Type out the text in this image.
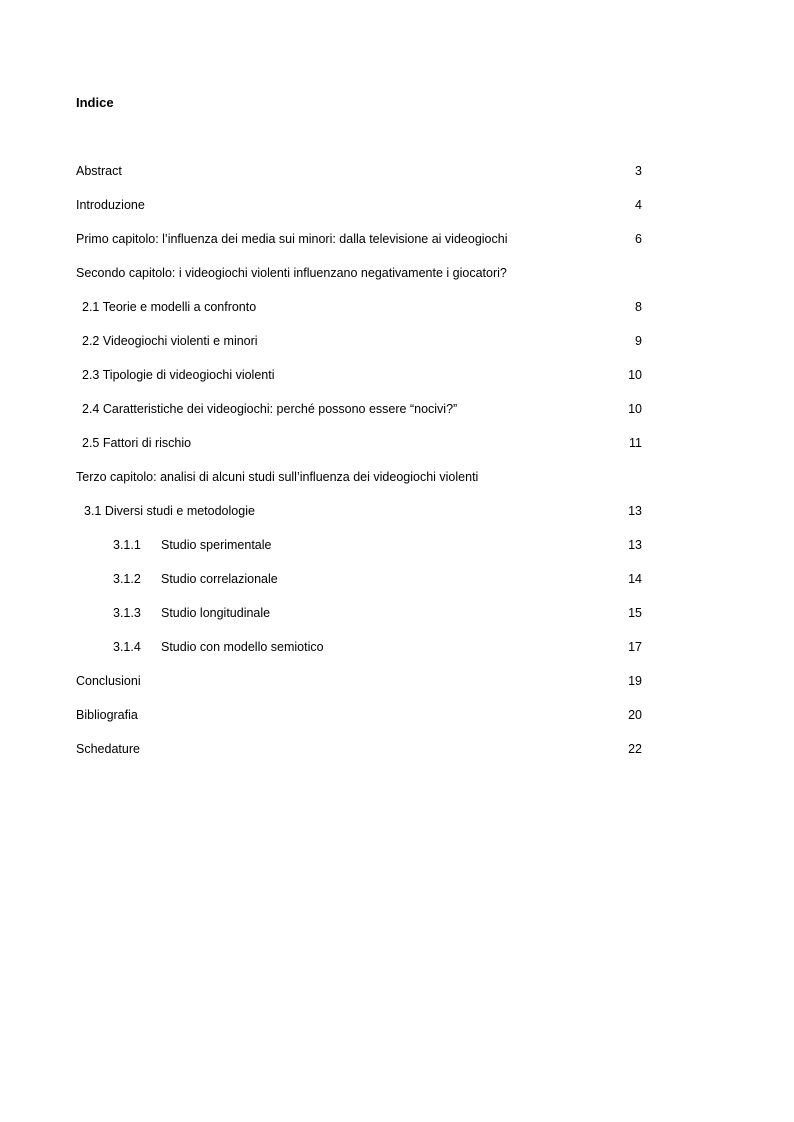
Indice
Abstract	3
Introduzione	4
Primo capitolo: l’influenza dei media sui minori: dalla televisione ai videogiochi	6
Secondo capitolo: i videogiochi violenti influenzano negativamente i giocatori?
2.1 Teorie e modelli a confronto	8
2.2 Videogiochi violenti e minori	9
2.3 Tipologie di videogiochi violenti	10
2.4 Caratteristiche dei videogiochi: perché possono essere “nocivi?”	10
2.5 Fattori di rischio	11
Terzo capitolo: analisi di alcuni studi sull’influenza dei videogiochi violenti
3.1 Diversi studi e metodologie	13
3.1.1 Studio sperimentale	13
3.1.2 Studio correlazionale	14
3.1.3 Studio longitudinale	15
3.1.4 Studio con modello semiotico	17
Conclusioni	19
Bibliografia	20
Schedature	22
